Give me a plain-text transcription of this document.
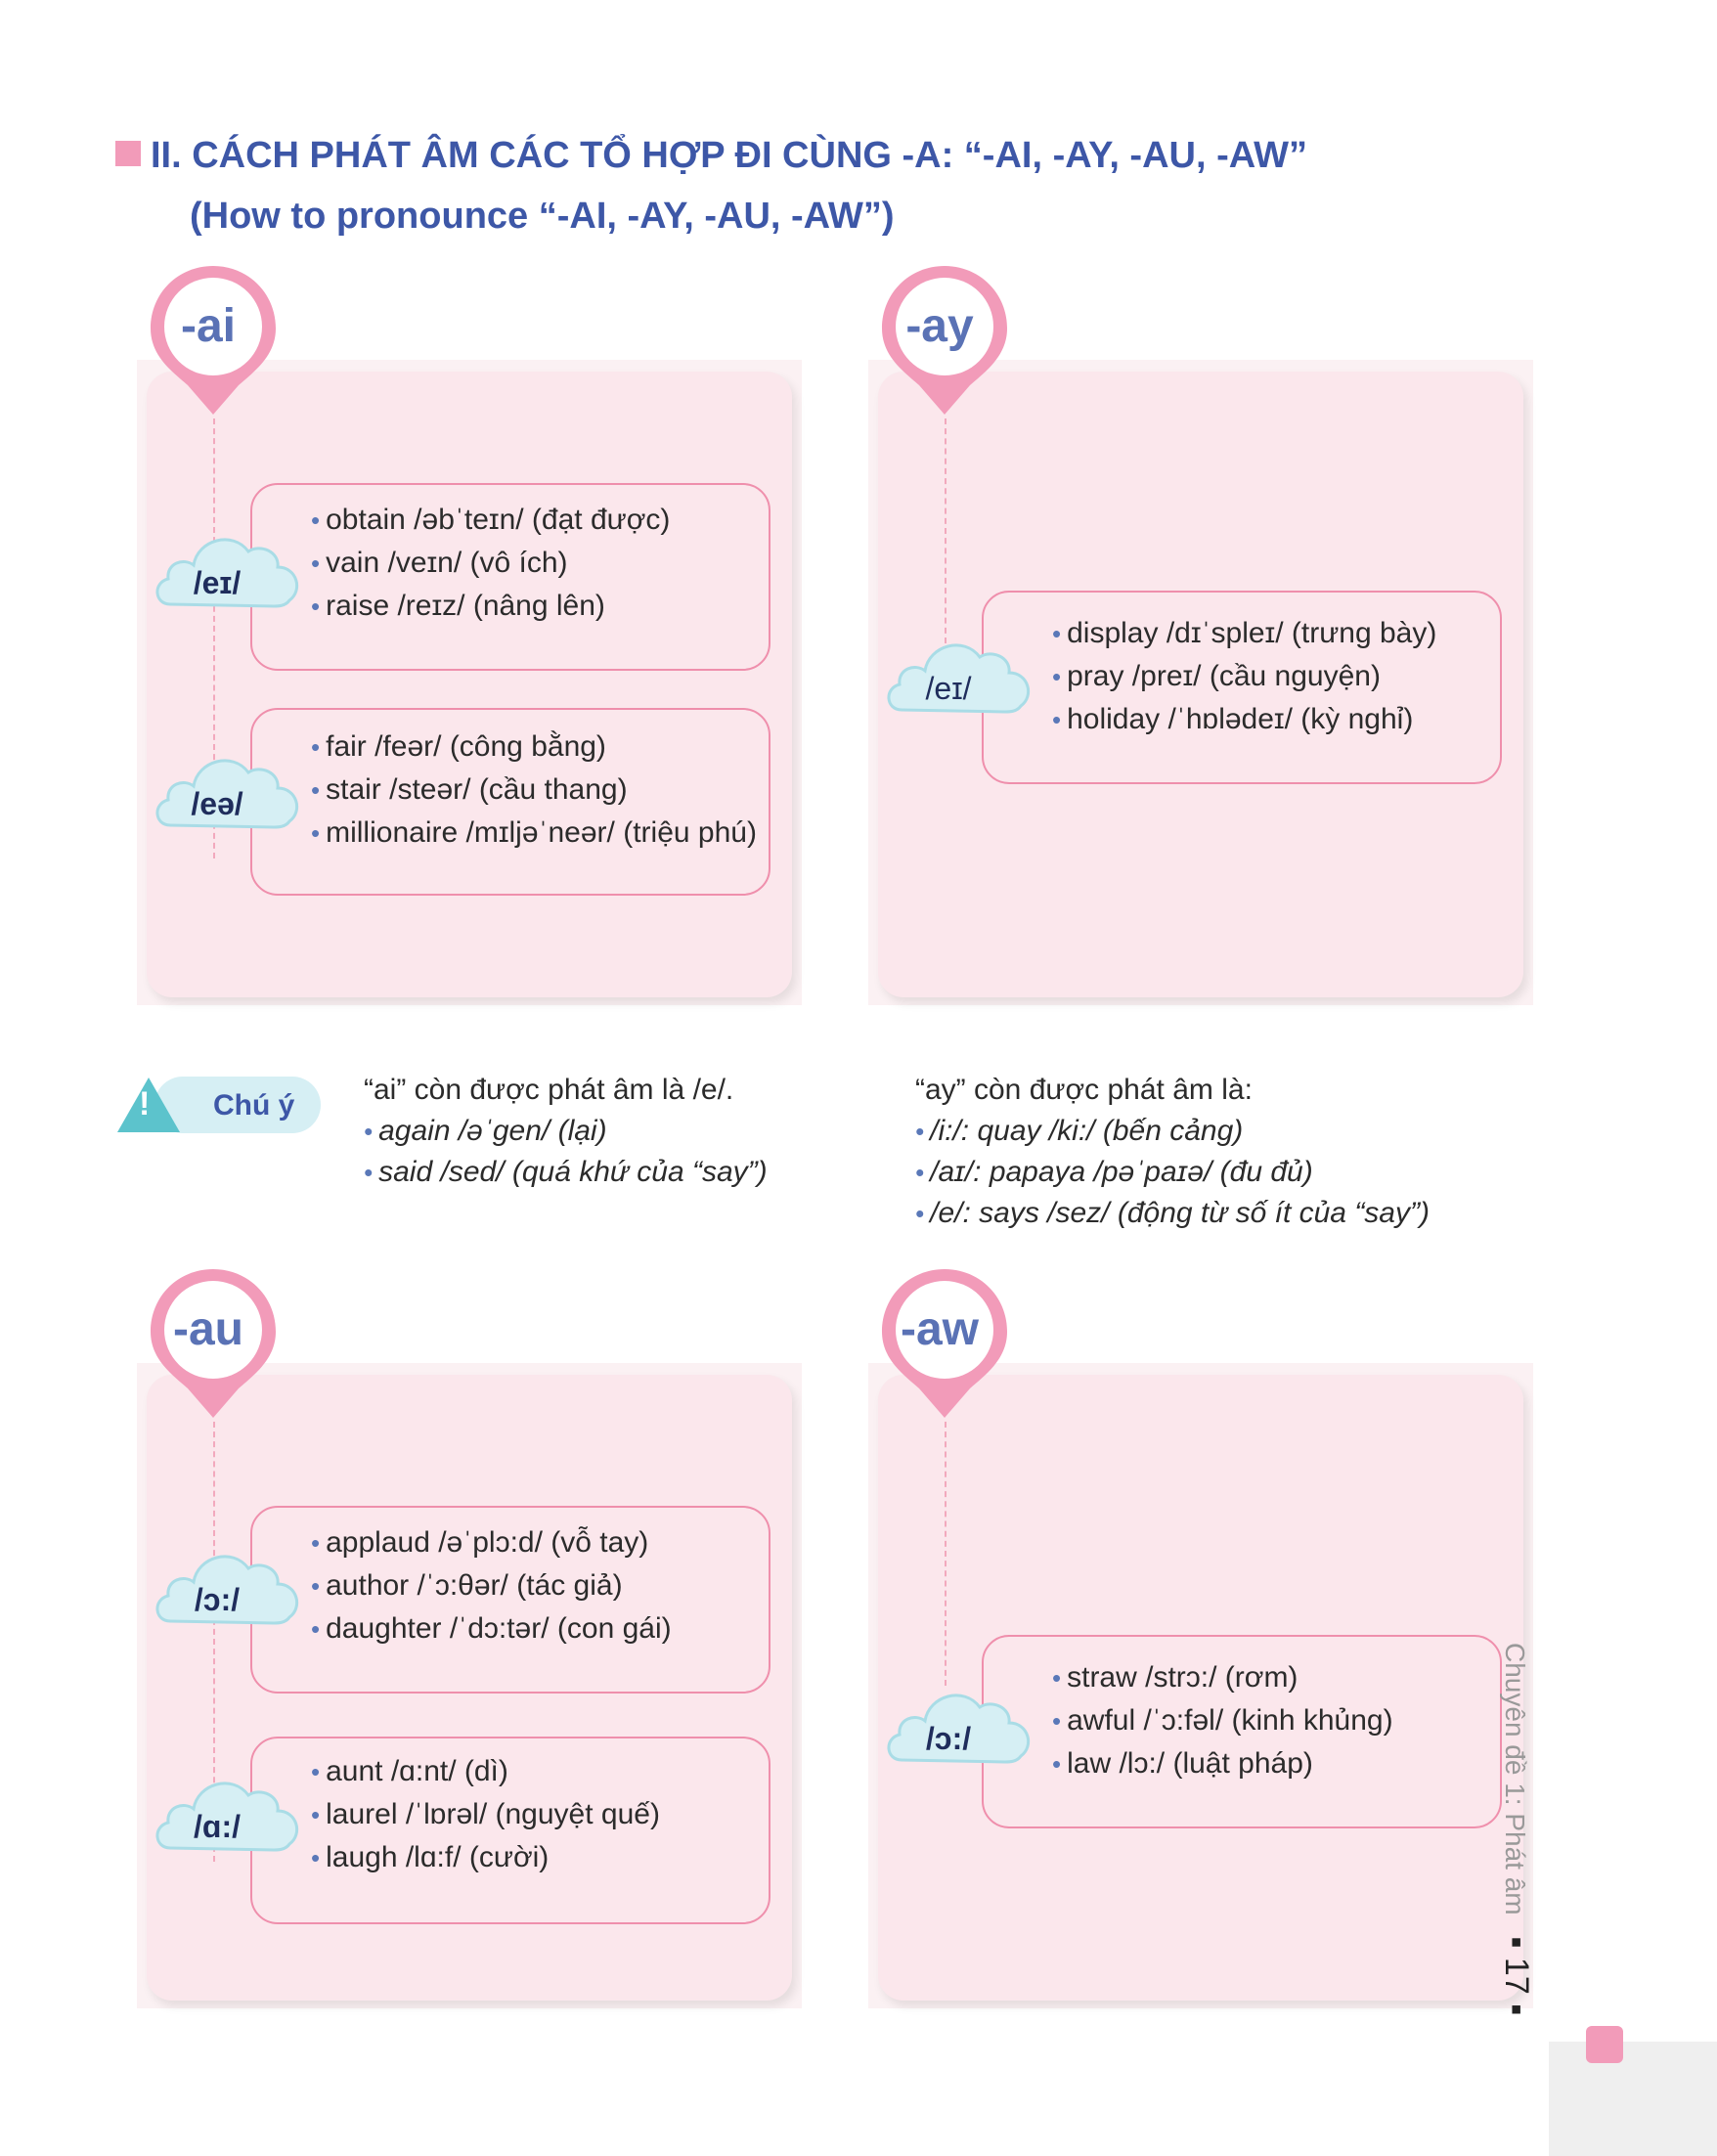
II. CÁCH PHÁT ÂM CÁC TỔ HỢP ĐI CÙNG -A: “-AI, -AY, -AU, -AW”
(How to pronounce “-AI, -AY, -AU, -AW”)
-ai
/eɪ/
• obtain /əbˈteɪn/ (đạt được)
• vain /veɪn/ (vô ích)
• raise /reɪz/ (nâng lên)
/eə/
• fair /feər/ (công bằng)
• stair /steər/ (cầu thang)
• millionaire /mɪljəˈneər/ (triệu phú)
-ay
/eɪ/
• display /dɪˈspleɪ/ (trưng bày)
• pray /preɪ/ (cầu nguyện)
• holiday /ˈhɒlədeɪ/ (kỳ nghỉ)
! Chú ý “ai” còn được phát âm là /e/.
• again /əˈgen/ (lại)
• said /sed/ (quá khứ của “say”)
“ay” còn được phát âm là:
• /i:/: quay /ki:/ (bến cảng)
• /aɪ/: papaya /pəˈpaɪə/ (đu đủ)
• /e/: says /sez/ (động từ số ít của “say”)
-au
/ɔ:/
• applaud /əˈplɔ:d/ (vỗ tay)
• author /ˈɔ:θər/ (tác giả)
• daughter /ˈdɔ:tər/ (con gái)
/ɑ:/
• aunt /ɑ:nt/ (dì)
• laurel /ˈlɒrəl/ (nguyệt quế)
• laugh /lɑ:f/ (cười)
-aw
/ɔ:/
• straw /strɔ:/ (rơm)
• awful /ˈɔ:fəl/ (kinh khủng)
• law /lɔ:/ (luật pháp)	Chuyên đề 1: Phát âm ▪ 17 ▪
